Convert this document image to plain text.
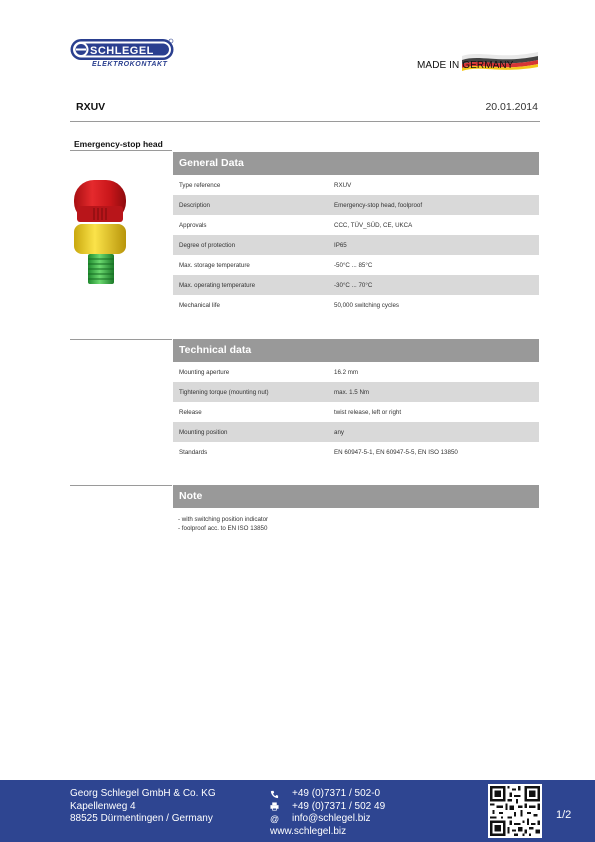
SCHLEGEL
ELEKTROKONTAKT	MADE IN GERMANY
RXUV	20.01.2014
Emergency-stop head
General Data
Type reference	RXUV
Description	Emergency-stop head, foolproof
Approvals	CCC, TÜV_SÜD, CE, UKCA
Degree of protection	IP65
Max. storage temperature	-50°C ... 85°C
Max. operating temperature	-30°C ... 70°C
Mechanical life	50,000 switching cycles
Technical data
Mounting aperture	16.2 mm
Tightening torque (mounting nut)	max. 1.5 Nm
Release	twist release, left or right
Mounting position	any
Standards	EN 60947-5-1, EN 60947-5-5, EN ISO 13850
Note
- with switching position indicator
- foolproof acc. to EN ISO 13850
Georg Schlegel GmbH & Co. KG
Kapellenweg 4
88525 Dürmentingen / Germany
+49 (0)7371 / 502-0
+49 (0)7371 / 502 49
@	info@schlegel.biz
www.schlegel.biz
1/2
